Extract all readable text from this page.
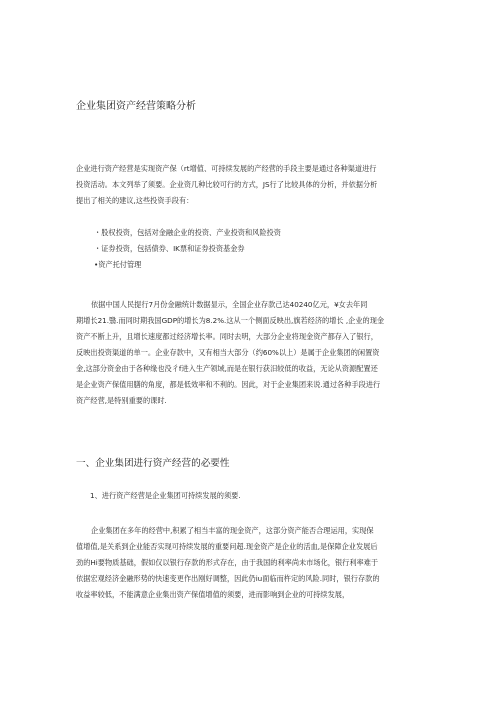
企业集团资产经营策略分析

企业进行资产经营是实现资产保（rt增值、可持续发展的产经营的手段主要是通过各种渠道进行
投资活动。本文列举了须要。企业资几种比较可行的方式，JS行了比较具体的分析，并依据分析
提出了相关的建议,这些投资手段有：

・股权投资，包括对金融企业的投资、产业投资和风险投资
・证券投资，包括债券、IK票和证券投资基金券
•资产托付管理

依据中国人民提行7月份金融统计数据显示，全国企业存款己达40240亿元，¥女去年同
期增长21.翳.而同时期我国GDP的增长为8.2%.这从一个侧面反映出,旗若经济的增长 ,企业的现金
资产不断上升，且增长速度都过经济增长率。同时去明，大部分企业将现金资产都存入了银行，
反映出投资渠道的单一。企业存款中，又有相当大部分（约60%以上）是属于企业集团的闲置资
金,这部分资金由于各种缘也没彳f进入生产领域,而是在银行获汨较低的收益，无论从资源配置还
是企业资产保值用膳的角度，都是低效率和不利的。因此，对于企业集团来说.通过各种手段进行
资产经营,是特别重要的课时.

一、企业集团进行资产经营的必要性
1、进行资产经营是企业集团可持续发展的须要.

企业集团在多年的经营中,积累了相当丰富的现金资产，这部分资产能否合理运用，实现保
值增值,是关系到企业能否实现可持续发展的重要问超.现金资产是企业的活血,是保障企业发展后
劲的Hi要物质基础，假如仅以银行存款的形式存在，由于我国的利率尚未市场化，银行利率难于
依据宏观经济金融形势的快速变更作出刚好调整，因此仍iu面临而杵定的风险.同时，银行存款的
收益率较低，不能满意企业集出资产保值增值的须要，进而影响到企业的可持续发展，
